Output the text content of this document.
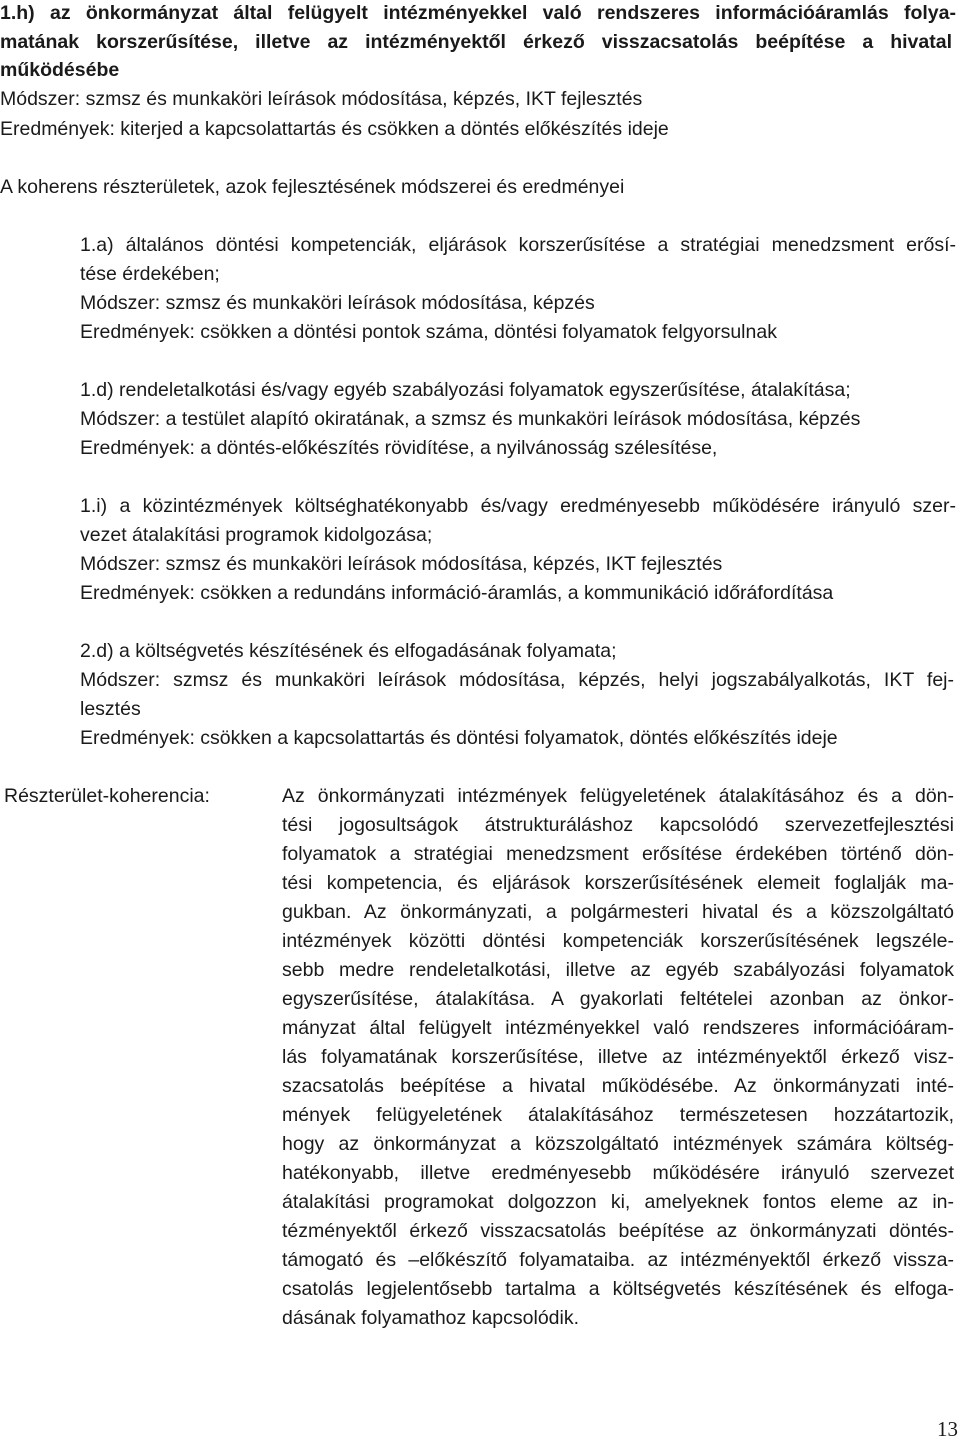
1.h) az önkormányzat által felügyelt intézményekkel való rendszeres információáramlás folya-
matának korszerűsítése, illetve az intézményektől érkező visszacsatolás beépítése a hivatal
működésébe
Módszer: szmsz és munkaköri leírások módosítása, képzés, IKT fejlesztés
Eredmények: kiterjed a kapcsolattartás és csökken a döntés előkészítés ideje
A koherens részterületek, azok fejlesztésének módszerei és eredményei
1.a) általános döntési kompetenciák, eljárások korszerűsítése a stratégiai menedzsment erősí-
tése érdekében;
Módszer: szmsz és munkaköri leírások módosítása, képzés
Eredmények: csökken a döntési pontok száma, döntési folyamatok felgyorsulnak
1.d) rendeletalkotási és/vagy egyéb szabályozási folyamatok egyszerűsítése, átalakítása;
Módszer: a testület alapító okiratának, a szmsz és munkaköri leírások módosítása, képzés
Eredmények: a döntés-előkészítés rövidítése, a nyilvánosság szélesítése,
1.i) a közintézmények költséghatékonyabb és/vagy eredményesebb működésére irányuló szer-
vezet átalakítási programok kidolgozása;
Módszer: szmsz és munkaköri leírások módosítása, képzés, IKT fejlesztés
Eredmények: csökken a redundáns információ-áramlás, a kommunikáció időráfordítása
2.d) a költségvetés készítésének és elfogadásának folyamata;
Módszer: szmsz és munkaköri leírások módosítása, képzés, helyi jogszabályalkotás, IKT fej-
lesztés
Eredmények: csökken a kapcsolattartás és döntési folyamatok, döntés előkészítés ideje
Részterület-koherencia:	Az önkormányzati intézmények felügyeletének átalakításához és a dön-
tési jogosultságok átstrukturáláshoz kapcsolódó szervezetfejlesztési
folyamatok a stratégiai menedzsment erősítése érdekében történő dön-
tési kompetencia, és eljárások korszerűsítésének elemeit foglalják ma-
gukban. Az önkormányzati, a polgármesteri hivatal és a közszolgáltató
intézmények közötti döntési kompetenciák korszerűsítésének legszéle-
sebb medre rendeletalkotási, illetve az egyéb szabályozási folyamatok
egyszerűsítése, átalakítása. A gyakorlati feltételei azonban az önkor-
mányzat által felügyelt intézményekkel való rendszeres információáram-
lás folyamatának korszerűsítése, illetve az intézményektől érkező visz-
szacsatolás beépítése a hivatal működésébe. Az önkormányzati inté-
mények felügyeletének átalakításához természetesen hozzátartozik,
hogy az önkormányzat a közszolgáltató intézmények számára költség-
hatékonyabb, illetve eredményesebb működésére irányuló szervezet
átalakítási programokat dolgozzon ki, amelyeknek fontos eleme az in-
tézményektől érkező visszacsatolás beépítése az önkormányzati döntés-
támogató és –előkészítő folyamataiba. az intézményektől érkező vissza-
csatolás legjelentősebb tartalma a költségvetés készítésének és elfoga-
dásának folyamathoz kapcsolódik.
13
